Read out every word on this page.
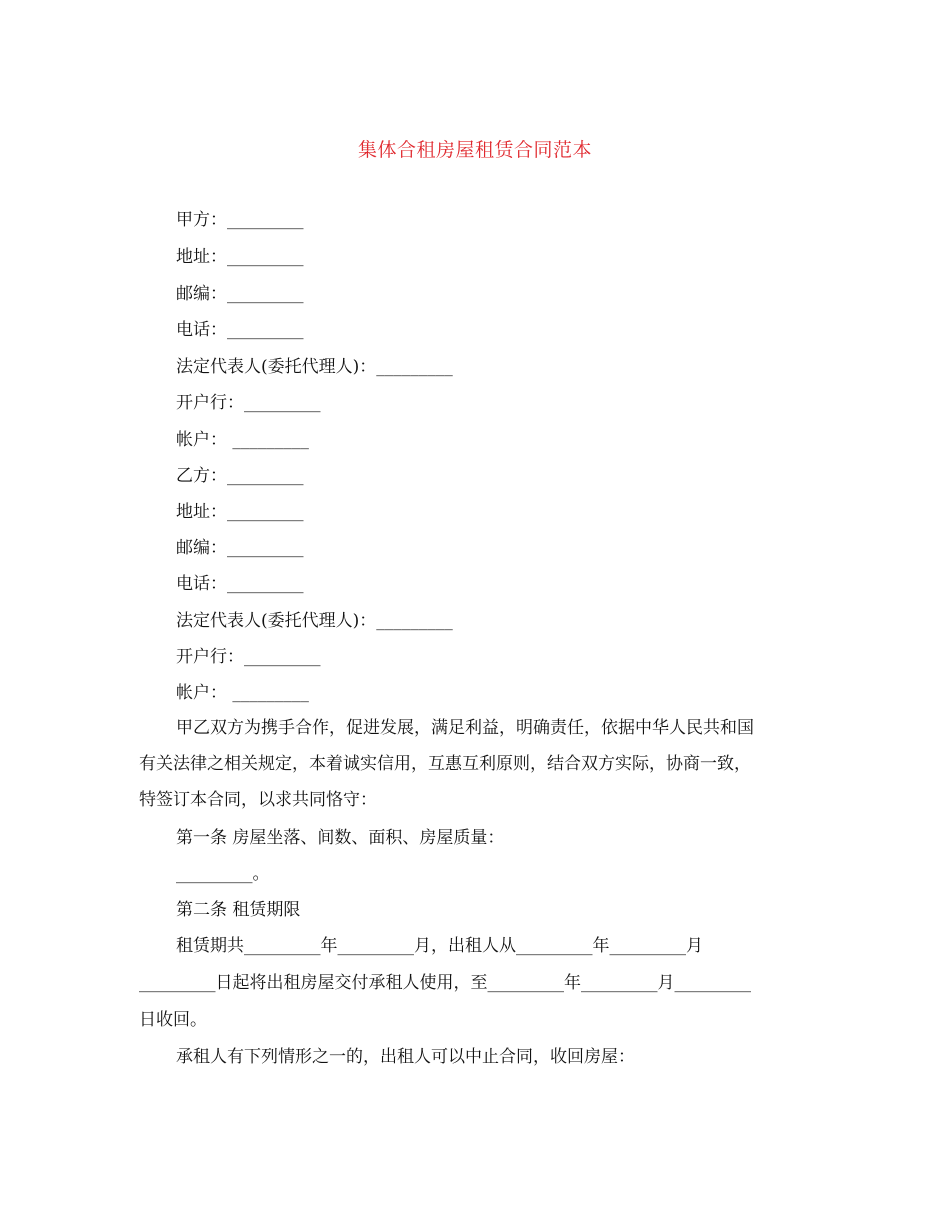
集体合租房屋租赁合同范本
甲方：_________
地址：_________
邮编：_________
电话：_________
法定代表人(委托代理人)：_________
开户行：_________
帐户： _________
乙方：_________
地址：_________
邮编：_________
电话：_________
法定代表人(委托代理人)：_________
开户行：_________
帐户： _________
甲乙双方为携手合作，促进发展，满足利益，明确责任，依据中华人民共和国
有关法律之相关规定，本着诚实信用，互惠互利原则，结合双方实际，协商一致，
特签订本合同，以求共同恪守：
第一条 房屋坐落、间数、面积、房屋质量：
_________。
第二条 租赁期限
租赁期共_________年_________月，出租人从_________年_________月
_________日起将出租房屋交付承租人使用，至_________年_________月_________
日收回。
承租人有下列情形之一的，出租人可以中止合同，收回房屋：
